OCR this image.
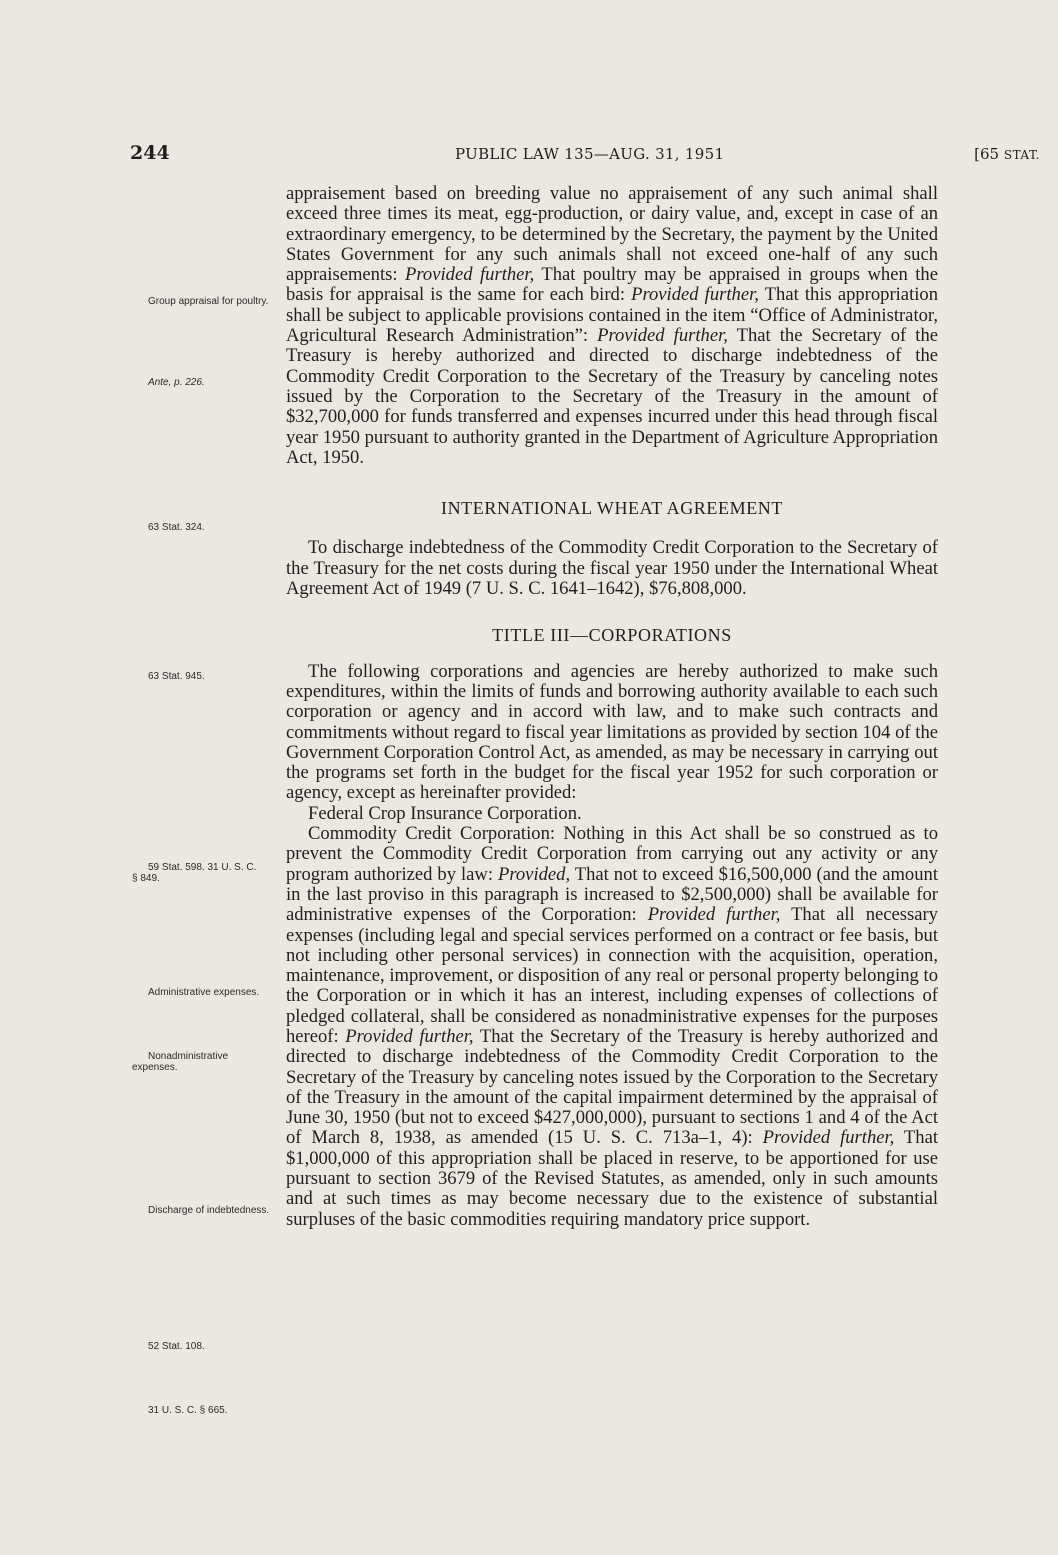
244	PUBLIC LAW 135—AUG. 31, 1951	[65 STAT.
Group appraisal for poultry.
Ante, p. 226.
63 Stat. 324.
63 Stat. 945.
59 Stat. 598. 31 U. S. C. § 849.
Administrative expenses.
Nonadministrative expenses.
Discharge of indebtedness.
52 Stat. 108.
31 U. S. C. § 665.

appraisement based on breeding value no appraisement of any such animal shall exceed three times its meat, egg-production, or dairy value, and, except in case of an extraordinary emergency, to be determined by the Secretary, the payment by the United States Government for any such animals shall not exceed one-half of any such appraisements: Provided further, That poultry may be appraised in groups when the basis for appraisal is the same for each bird: Provided further, That this appropriation shall be subject to applicable provisions contained in the item “Office of Administrator, Agricultural Research Administration”: Provided further, That the Secretary of the Treasury is hereby authorized and directed to discharge indebtedness of the Commodity Credit Corporation to the Secretary of the Treasury by canceling notes issued by the Corporation to the Secretary of the Treasury in the amount of $32,700,000 for funds transferred and expenses incurred under this head through fiscal year 1950 pursuant to authority granted in the Department of Agriculture Appropriation Act, 1950.

INTERNATIONAL WHEAT AGREEMENT

To discharge indebtedness of the Commodity Credit Corporation to the Secretary of the Treasury for the net costs during the fiscal year 1950 under the International Wheat Agreement Act of 1949 (7 U. S. C. 1641–1642), $76,808,000.

TITLE III—CORPORATIONS

The following corporations and agencies are hereby authorized to make such expenditures, within the limits of funds and borrowing authority available to each such corporation or agency and in accord with law, and to make such contracts and commitments without regard to fiscal year limitations as provided by section 104 of the Government Corporation Control Act, as amended, as may be necessary in carrying out the programs set forth in the budget for the fiscal year 1952 for such corporation or agency, except as hereinafter provided:

Federal Crop Insurance Corporation.

Commodity Credit Corporation: Nothing in this Act shall be so construed as to prevent the Commodity Credit Corporation from carrying out any activity or any program authorized by law: Provided, That not to exceed $16,500,000 (and the amount in the last proviso in this paragraph is increased to $2,500,000) shall be available for administrative expenses of the Corporation: Provided further, That all necessary expenses (including legal and special services performed on a contract or fee basis, but not including other personal services) in connection with the acquisition, operation, maintenance, improvement, or disposition of any real or personal property belonging to the Corporation or in which it has an interest, including expenses of collections of pledged collateral, shall be considered as nonadministrative expenses for the purposes hereof: Provided further, That the Secretary of the Treasury is hereby authorized and directed to discharge indebtedness of the Commodity Credit Corporation to the Secretary of the Treasury by canceling notes issued by the Corporation to the Secretary of the Treasury in the amount of the capital impairment determined by the appraisal of June 30, 1950 (but not to exceed $427,000,000), pursuant to sections 1 and 4 of the Act of March 8, 1938, as amended (15 U. S. C. 713a–1, 4): Provided further, That $1,000,000 of this appropriation shall be placed in reserve, to be apportioned for use pursuant to section 3679 of the Revised Statutes, as amended, only in such amounts and at such times as may become necessary due to the existence of substantial surpluses of the basic commodities requiring mandatory price support.
